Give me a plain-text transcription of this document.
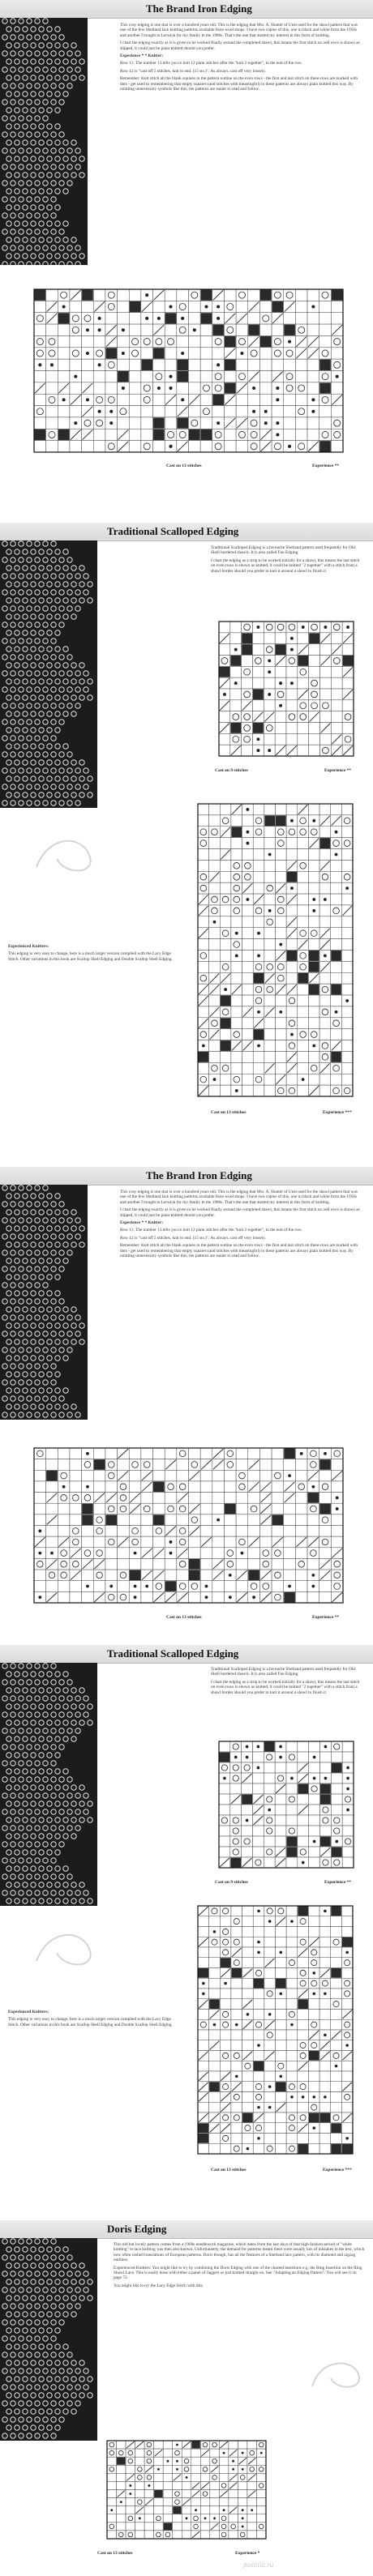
The Brand Iron Edging

This cosy edging is one that is over a hundred years old. This is the edging that Mrs. A. Hunter of Unst used for the shawl pattern that was one of the few Shetland lace knitting patterns available from wool shops. I have two copies of this, one in black and white form the 1950s and another I bought in Lerwick for my family in the 1980s. That's the one that started my interest in this form of knitting.

I chart the edging exactly as it is given to be worked finally around the completed shawl, this means the first stitch on odd rows is shown as slipped, it could just be plain knitted should you prefer.

Experience * * Knitter:

Row 11: The number 13 tells you to knit 13 plain stitches after the "knit 2 together", to the end of the row.

Row 12 is "cast off 5 stitches, knit to end. (15 sts.)". As always, cast off very loosely.

Remember: Knit stitch all the blank squares in the pattern outline on the even rows - the first and last stitch on these rows are marked with dots - get used to remembering that empty squares (and stitches with meaningful) in these patterns are always plain knitted this way. By omitting unnecessary symbols like this, the patterns are easier to read and follow.

Cast on 13 stitches	Experience **
Traditional Scalloped Edging

Traditional Scalloped Edging is a favourite Shetland pattern used frequently for Old Shell bordered shawls. It is also called Fan Edging.

I chart the edging as a strip to be worked initially for a shawl, this means the last stitch on even rows is shown as knitted, it could be knitted "2 together" with a stitch from a shawl border should you prefer to knit it around a shawl to finish it.

Cast on 9 stitches	Experience **

Experienced Knitters:

This edging is very easy to change, here is a much larger version complied with the Lacy Edge Stitch. Other variations in this book are Scallop Shell Edging and Double Scallop Shell Edging.

Cast on 13 stitches	Experience ***
The Brand Iron Edging

This cosy edging is one that is over a hundred years old. This is the edging that Mrs. A. Hunter of Unst used for the shawl pattern that was one of the few Shetland lace knitting patterns available from wool shops. I have two copies of this, one in black and white form the 1950s and another I bought in Lerwick for my family in the 1980s. That's the one that started my interest in this form of knitting.

I chart the edging exactly as it is given to be worked finally around the completed shawl, this means the first stitch on odd rows is shown as slipped, it could just be plain knitted should you prefer.

Experience * * Knitter:

Row 11: The number 13 tells you to knit 13 plain stitches after the "knit 2 together", to the end of the row.

Row 12 is "cast off 5 stitches, knit to end. (15 sts.)". As always, cast off very loosely.

Remember: Knit stitch all the blank squares in the pattern outline on the even rows - the first and last stitch on these rows are marked with dots - get used to remembering that empty squares (and stitches with meaningful) in these patterns are always plain knitted this way. By omitting unnecessary symbols like this, the patterns are easier to read and follow.

Cast on 13 stitches	Experience **
Traditional Scalloped Edging

Traditional Scalloped Edging is a favourite Shetland pattern used frequently for Old Shell bordered shawls. It is also called Fan Edging.

I chart the edging as a strip to be worked initially for a shawl, this means the last stitch on even rows is shown as knitted, it could be knitted "2 together" with a stitch from a shawl border should you prefer to knit it around a shawl to finish it.

Cast on 9 stitches	Experience **

Experienced Knitters:

This edging is very easy to change, here is a much larger version complied with the Lacy Edge Stitch. Other variations in this book are Scallop Shell Edging and Double Scallop Shell Edging.

Cast on 13 stitches	Experience ***
Doris Edging

This old but lovely pattern comes from a 1960s needlework magazine, which dates from the last days of that high-fashion period of "white knitting" in lace knitting was then also known. Unfortunately, the demand for patterns meant there were usually lots of mistakes in the text, which now often rushed translations of European patterns. Doris though, has all the features of a Shetland lace pattern, with its diamond and zigzag outlines.

Experienced Knitters: You might like to try by combining the Doris Edging with one of the charted insertions e.g. the Ring Insertion on the Ring Shawl Lace. This is easily done with either a panel of Jaggers or just knitted straight on. See "Adapting an Edging Pattern". You will see it on page 72.

You might like to try the Lacy Edge Stitch with this.

Cast on 13 stitches	Experience *
posttila.ru
